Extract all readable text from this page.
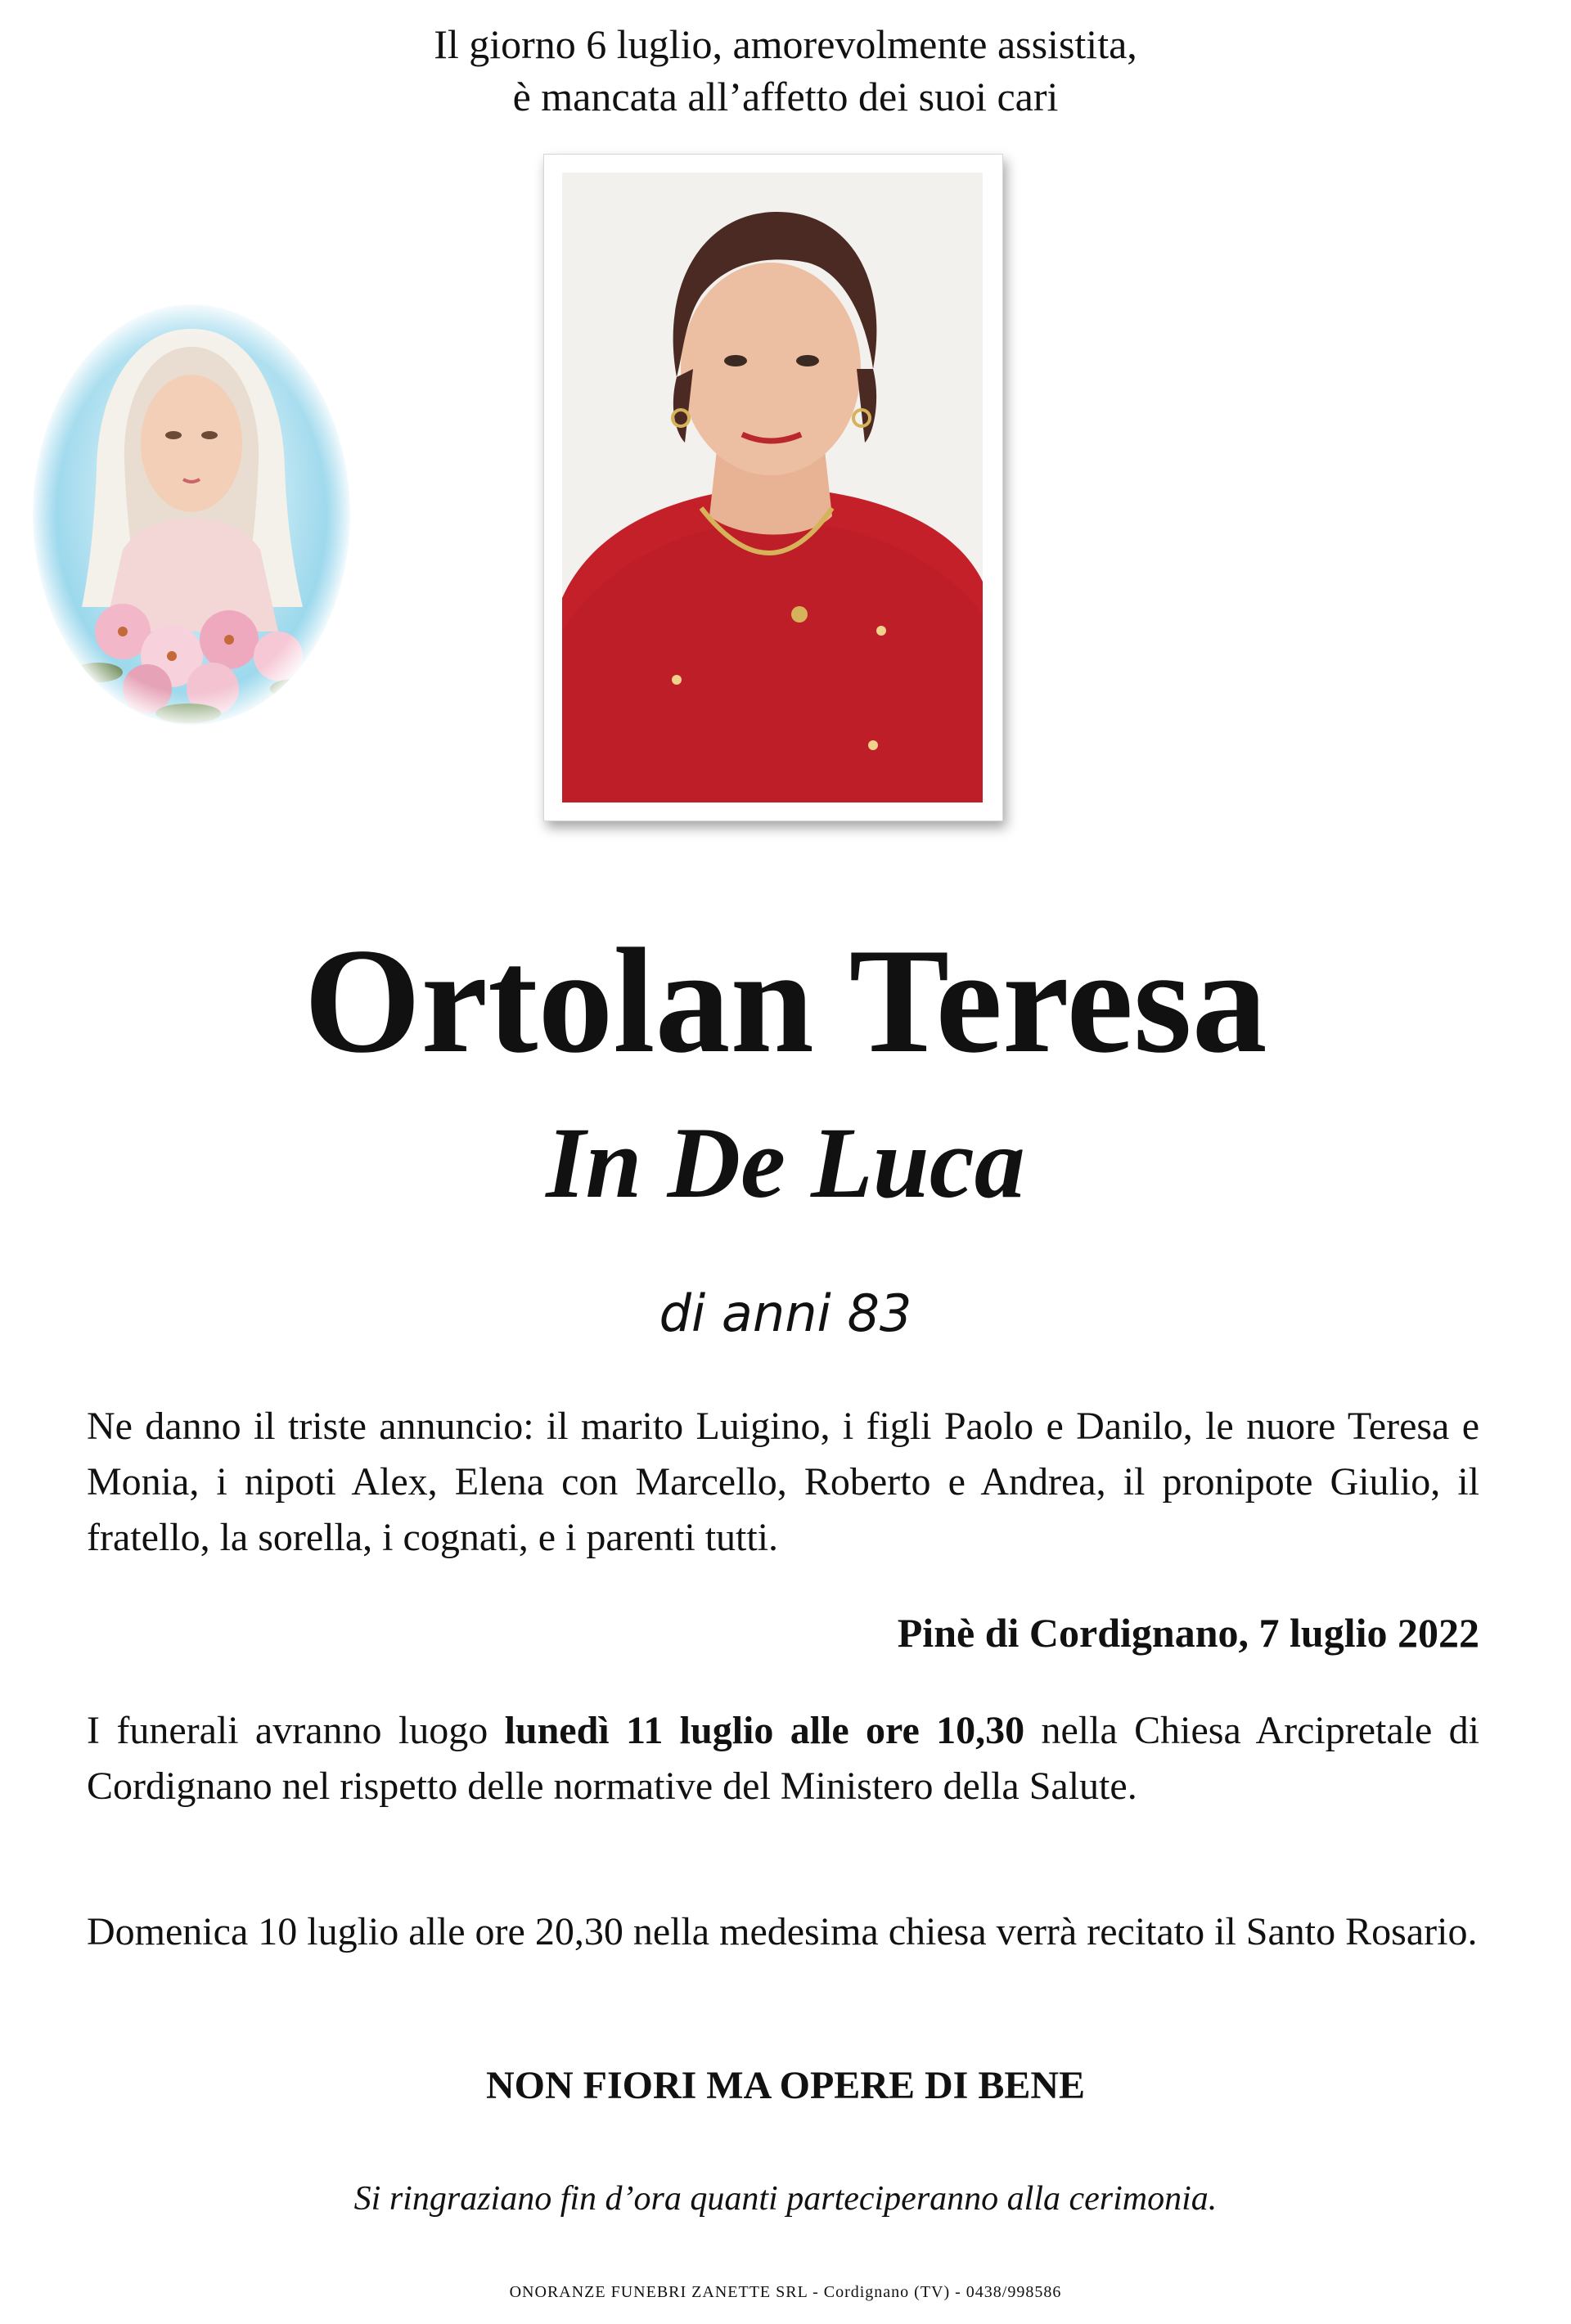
Il giorno 6 luglio, amorevolmente assistita,
è mancata all’affetto dei suoi cari
Ortolan Teresa
In De Luca
di anni 83
Ne danno il triste annuncio: il marito Luigino, i figli Paolo e Danilo, le nuore Teresa e Monia, i nipoti Alex, Elena con Marcello, Roberto e Andrea, il pronipote Giulio, il fratello, la sorella, i cognati, e i parenti tutti.
Pinè di Cordignano, 7 luglio 2022
I funerali avranno luogo lunedì 11 luglio alle ore 10,30 nella Chiesa Arcipretale di Cordignano nel rispetto delle normative del Ministero della Salute.
Domenica 10 luglio alle ore 20,30 nella medesima chiesa verrà recitato il Santo Rosario.
NON FIORI MA OPERE DI BENE
Si ringraziano fin d’ora quanti parteciperanno alla cerimonia.
ONORANZE FUNEBRI ZANETTE SRL - Cordignano (TV) - 0438/998586
